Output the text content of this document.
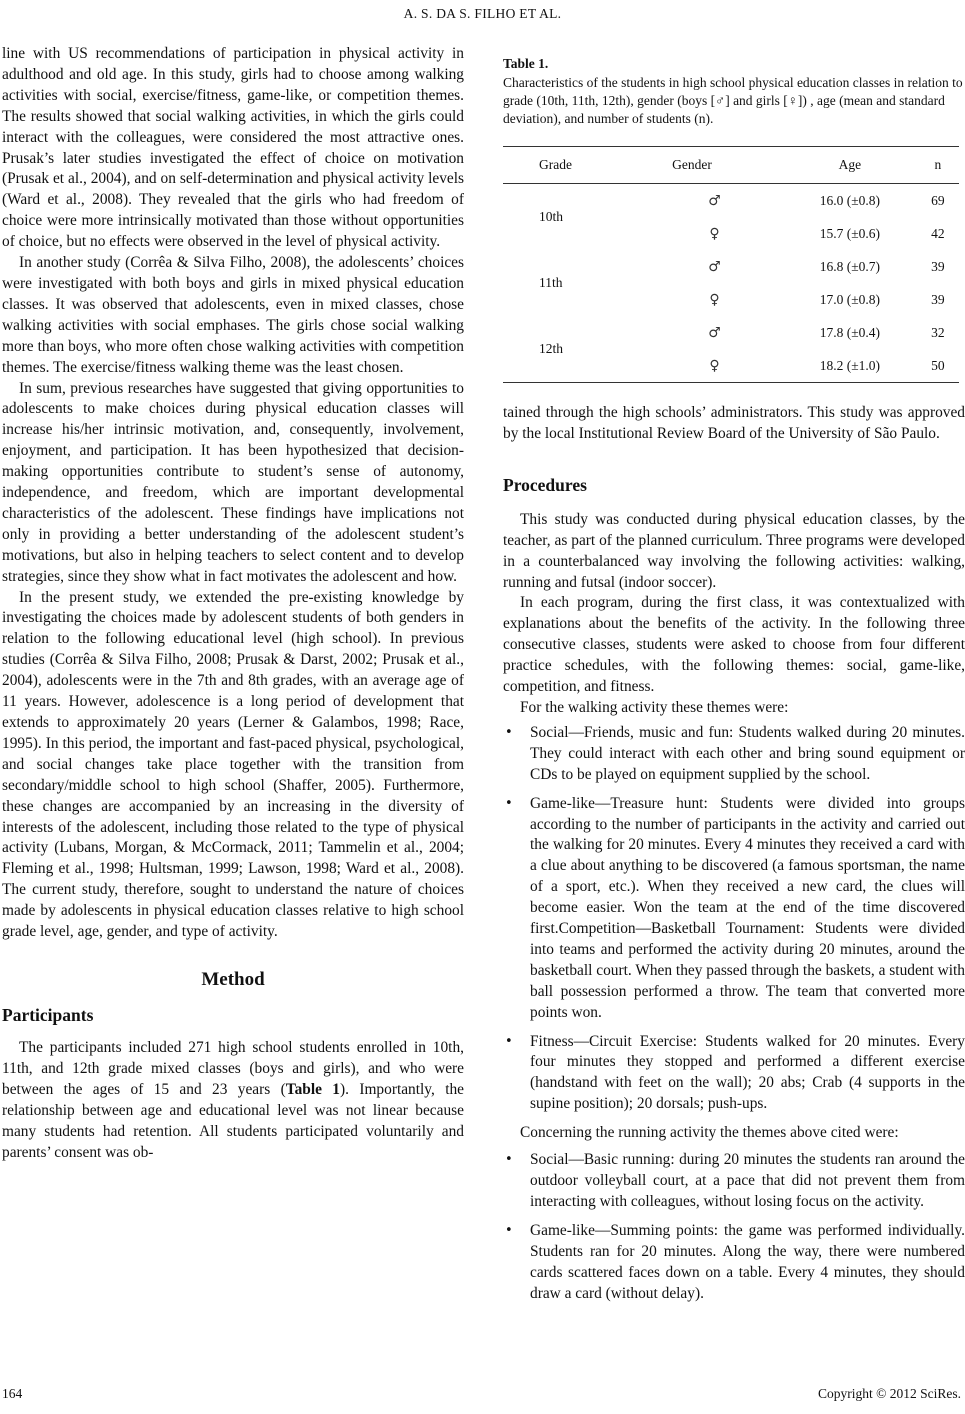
A. S. DA S. FILHO ET AL.

line with US recommendations of participation in physical activity in adulthood and old age. In this study, girls had to choose among walking activities with social, exercise/fitness, game-like, or competition themes. The results showed that social walking activities, in which the girls could interact with the colleagues, were considered the most attractive ones. Prusak’s later studies investigated the effect of choice on motivation (Prusak et al., 2004), and on self-determination and physical activity levels (Ward et al., 2008). They revealed that the girls who had freedom of choice were more intrinsically motivated than those without opportunities of choice, but no effects were observed in the level of physical activity.

In another study (Corrêa & Silva Filho, 2008), the adolescents’ choices were investigated with both boys and girls in mixed physical education classes. It was observed that adolescents, even in mixed classes, chose walking activities with social emphases. The girls chose social walking more than boys, who more often chose walking activities with competition themes. The exercise/fitness walking theme was the least chosen.

In sum, previous researches have suggested that giving opportunities to adolescents to make choices during physical education classes will increase his/her intrinsic motivation, and, consequently, involvement, enjoyment, and participation. It has been hypothesized that decision-making opportunities contribute to student’s sense of autonomy, independence, and freedom, which are important developmental characteristics of the adolescent. These findings have implications not only in providing a better understanding of the adolescent student’s motivations, but also in helping teachers to select content and to develop strategies, since they show what in fact motivates the adolescent and how.

In the present study, we extended the pre-existing knowledge by investigating the choices made by adolescent students of both genders in relation to the following educational level (high school). In previous studies (Corrêa & Silva Filho, 2008; Prusak & Darst, 2002; Prusak et al., 2004), adolescents were in the 7th and 8th grades, with an average age of 11 years. However, adolescence is a long period of development that extends to approximately 20 years (Lerner & Galambos, 1998; Race, 1995). In this period, the important and fast-paced physical, psychological, and social changes take place together with the transition from secondary/middle school to high school (Shaffer, 2005). Furthermore, these changes are accompanied by an increasing in the diversity of interests of the adolescent, including those related to the type of physical activity (Lubans, Morgan, & McCormack, 2011; Tammelin et al., 2004; Fleming et al., 1998; Hultsman, 1999; Lawson, 1998; Ward et al., 2008). The current study, therefore, sought to understand the nature of choices made by adolescents in physical education classes relative to high school grade level, age, gender, and type of activity.

Method
Participants

The participants included 271 high school students enrolled in 10th, 11th, and 12th grade mixed classes (boys and girls), and who were between the ages of 15 and 23 years (Table 1). Importantly, the relationship between age and educational level was not linear because many students had retention. All students participated voluntarily and parents’ consent was ob-

Table 1.
Characteristics of the students in high school physical education classes in relation to grade (10th, 11th, 12th), gender (boys [♂] and girls [♀]) , age (mean and standard deviation), and number of students (n).
Grade	Gender	Age	n
10th	♂	16.0 (±0.8)	69
	♀	15.7 (±0.6)	42
11th	♂	16.8 (±0.7)	39
	♀	17.0 (±0.8)	39
12th	♂	17.8 (±0.4)	32
	♀	18.2 (±1.0)	50

tained through the high schools’ administrators. This study was approved by the local Institutional Review Board of the University of São Paulo.

Procedures

This study was conducted during physical education classes, by the teacher, as part of the planned curriculum. Three programs were developed in a counterbalanced way involving the following activities: walking, running and futsal (indoor soccer).

In each program, during the first class, it was contextualized with explanations about the benefits of the activity. In the following three consecutive classes, students were asked to choose from four different practice schedules, with the following themes: social, game-like, competition, and fitness.

For the walking activity these themes were:

• Social—Friends, music and fun: Students walked during 20 minutes. They could interact with each other and bring sound equipment or CDs to be played on equipment supplied by the school.
• Game-like—Treasure hunt: Students were divided into groups according to the number of participants in the activity and carried out the walking for 20 minutes. Every 4 minutes they received a card with a clue about anything to be discovered (a famous sportsman, the name of a sport, etc.). When they received a new card, the clues will become easier. Won the team at the end of the time discovered first.Competition—Basketball Tournament: Students were divided into teams and performed the activity during 20 minutes, around the basketball court. When they passed through the baskets, a student with ball possession performed a throw. The team that converted more points won.
• Fitness—Circuit Exercise: Students walked for 20 minutes. Every four minutes they stopped and performed a different exercise (handstand with feet on the wall); 20 abs; Crab (4 supports in the supine position); 20 dorsals; push-ups.

Concerning the running activity the themes above cited were:

• Social—Basic running: during 20 minutes the students ran around the outdoor volleyball court, at a pace that did not prevent them from interacting with colleagues, without losing focus on the activity.
• Game-like—Summing points: the game was performed individually. Students ran for 20 minutes. Along the way, there were numbered cards scattered faces down on a table. Every 4 minutes, they should draw a card (without delay).
164	Copyright © 2012 SciRes.
